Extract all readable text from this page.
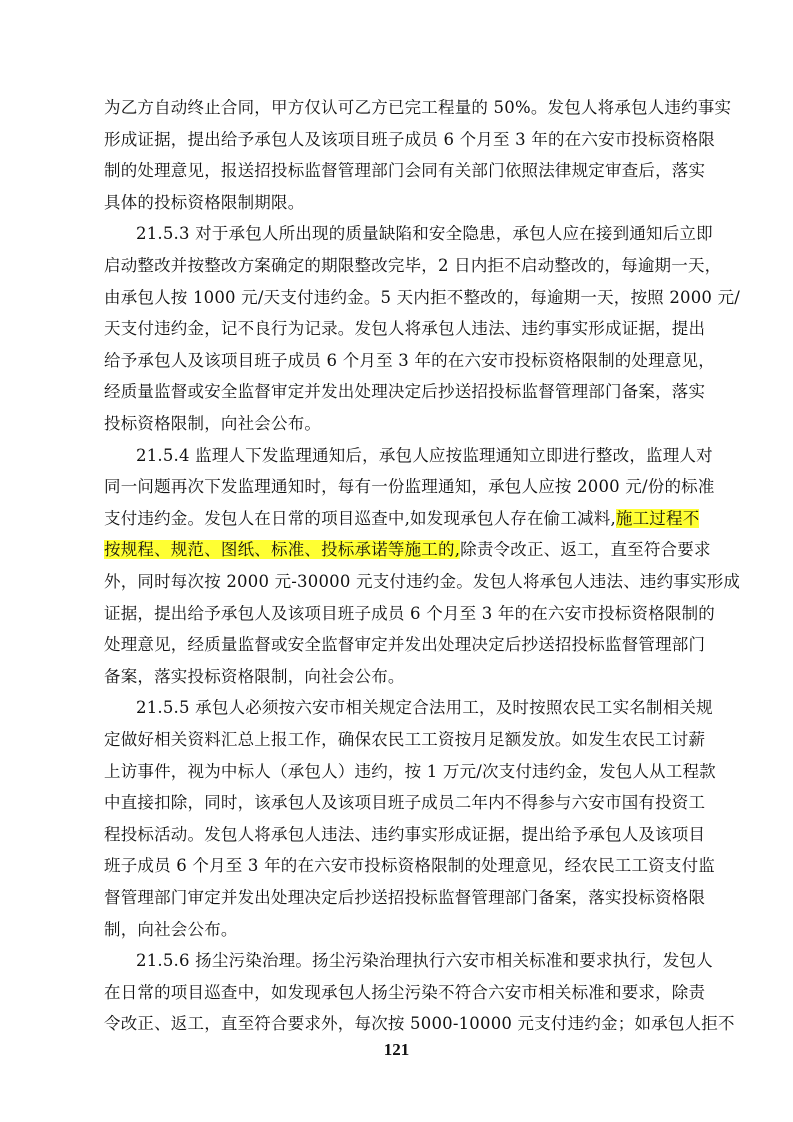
为乙方自动终止合同，甲方仅认可乙方已完工程量的 50%。发包人将承包人违约事实
形成证据，提出给予承包人及该项目班子成员 6 个月至 3 年的在六安市投标资格限
制的处理意见，报送招投标监督管理部门会同有关部门依照法律规定审查后，落实
具体的投标资格限制期限。
21.5.3 对于承包人所出现的质量缺陷和安全隐患，承包人应在接到通知后立即
启动整改并按整改方案确定的期限整改完毕，2 日内拒不启动整改的，每逾期一天，
由承包人按 1000 元/天支付违约金。5 天内拒不整改的，每逾期一天，按照 2000 元/
天支付违约金，记不良行为记录。发包人将承包人违法、违约事实形成证据，提出
给予承包人及该项目班子成员 6 个月至 3 年的在六安市投标资格限制的处理意见，
经质量监督或安全监督审定并发出处理决定后抄送招投标监督管理部门备案，落实
投标资格限制，向社会公布。
21.5.4 监理人下发监理通知后，承包人应按监理通知立即进行整改，监理人对
同一问题再次下发监理通知时，每有一份监理通知，承包人应按 2000 元/份的标准
支付违约金。发包人在日常的项目巡查中,如发现承包人存在偷工减料,施工过程不
按规程、规范、图纸、标准、投标承诺等施工的,除责令改正、返工，直至符合要求
外，同时每次按 2000 元-30000 元支付违约金。发包人将承包人违法、违约事实形成
证据，提出给予承包人及该项目班子成员 6 个月至 3 年的在六安市投标资格限制的
处理意见，经质量监督或安全监督审定并发出处理决定后抄送招投标监督管理部门
备案，落实投标资格限制，向社会公布。
21.5.5 承包人必须按六安市相关规定合法用工，及时按照农民工实名制相关规
定做好相关资料汇总上报工作，确保农民工工资按月足额发放。如发生农民工讨薪
上访事件，视为中标人（承包人）违约，按 1 万元/次支付违约金，发包人从工程款
中直接扣除，同时，该承包人及该项目班子成员二年内不得参与六安市国有投资工
程投标活动。发包人将承包人违法、违约事实形成证据，提出给予承包人及该项目
班子成员 6 个月至 3 年的在六安市投标资格限制的处理意见，经农民工工资支付监
督管理部门审定并发出处理决定后抄送招投标监督管理部门备案，落实投标资格限
制，向社会公布。
21.5.6 扬尘污染治理。扬尘污染治理执行六安市相关标准和要求执行，发包人
在日常的项目巡查中，如发现承包人扬尘污染不符合六安市相关标准和要求，除责
令改正、返工，直至符合要求外，每次按 5000-10000 元支付违约金；如承包人拒不
121
